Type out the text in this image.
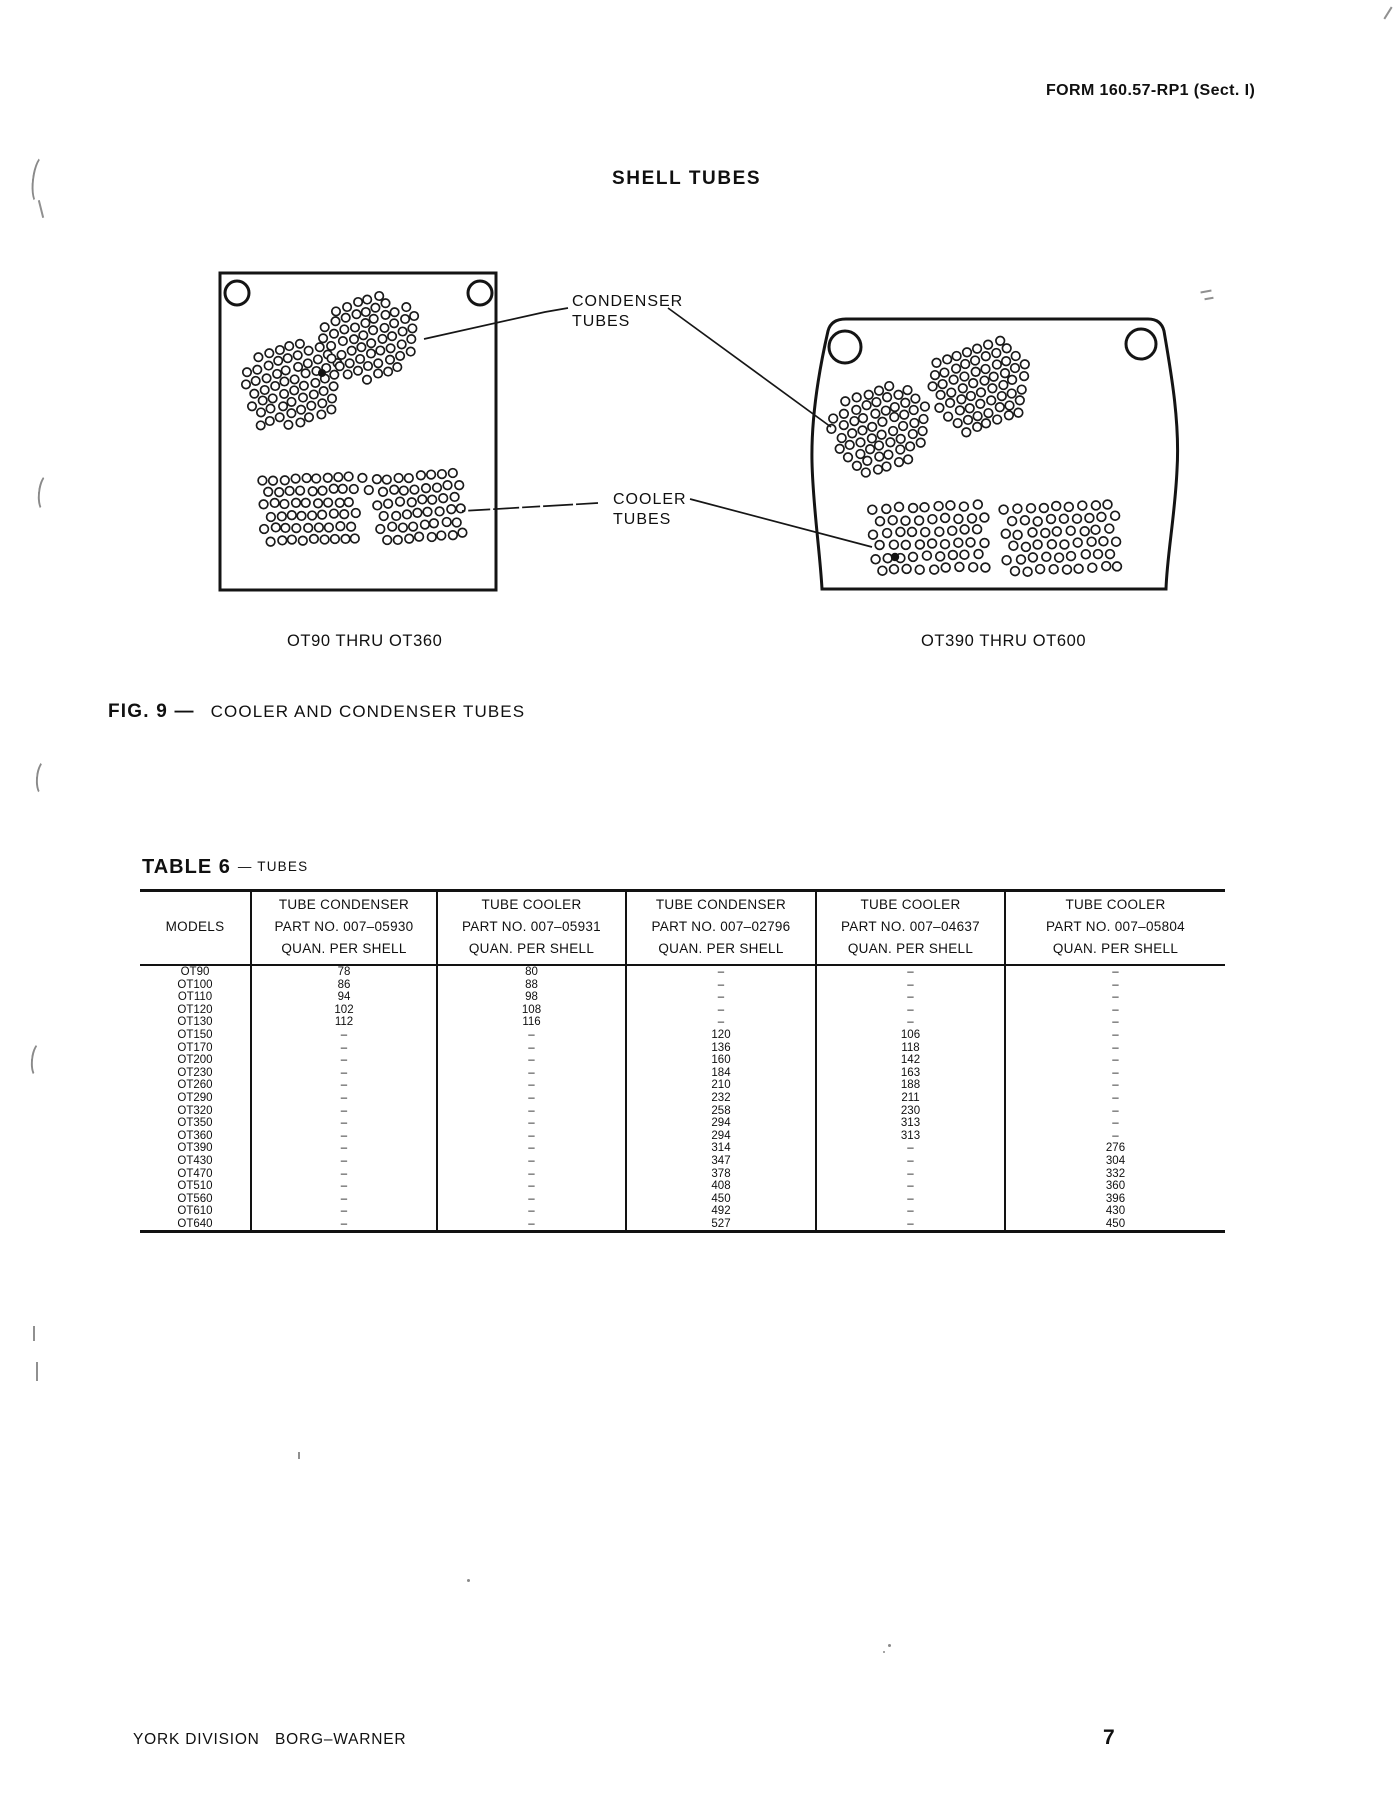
FORM 160.57-RP1 (Sect. I)
SHELL TUBES
CONDENSER
TUBES
COOLER
TUBES
OT90 THRU OT360	OT390 THRU OT600
FIG. 9 — COOLER AND CONDENSER TUBES
TABLE 6 — TUBES
MODELS

TUBE CONDENSER
PART NO. 007–05930
QUAN. PER SHELL

TUBE COOLER
PART NO. 007–05931
QUAN. PER SHELL

TUBE CONDENSER
PART NO. 007–02796
QUAN. PER SHELL

TUBE COOLER
PART NO. 007–04637
QUAN. PER SHELL

TUBE COOLER
PART NO. 007–05804
QUAN. PER SHELL

OT90	78	80	–	–	–
OT100	86	88	–	–	–
OT110	94	98	–	–	–
OT120	102	108	–	–	–
OT130	112	116	–	–	–
OT150	–	–	120	106	–
OT170	–	–	136	118	–
OT200	–	–	160	142	–
OT230	–	–	184	163	–
OT260	–	–	210	188	–
OT290	–	–	232	211	–
OT320	–	–	258	230	–
OT350	–	–	294	313	–
OT360	–	–	294	313	–
OT390	–	–	314	–	276
OT430	–	–	347	–	304
OT470	–	–	378	–	332
OT510	–	–	408	–	360
OT560	–	–	450	–	396
OT610	–	–	492	–	430
OT640	–	–	527	–	450
YORK DIVISION   BORG–WARNER	7
